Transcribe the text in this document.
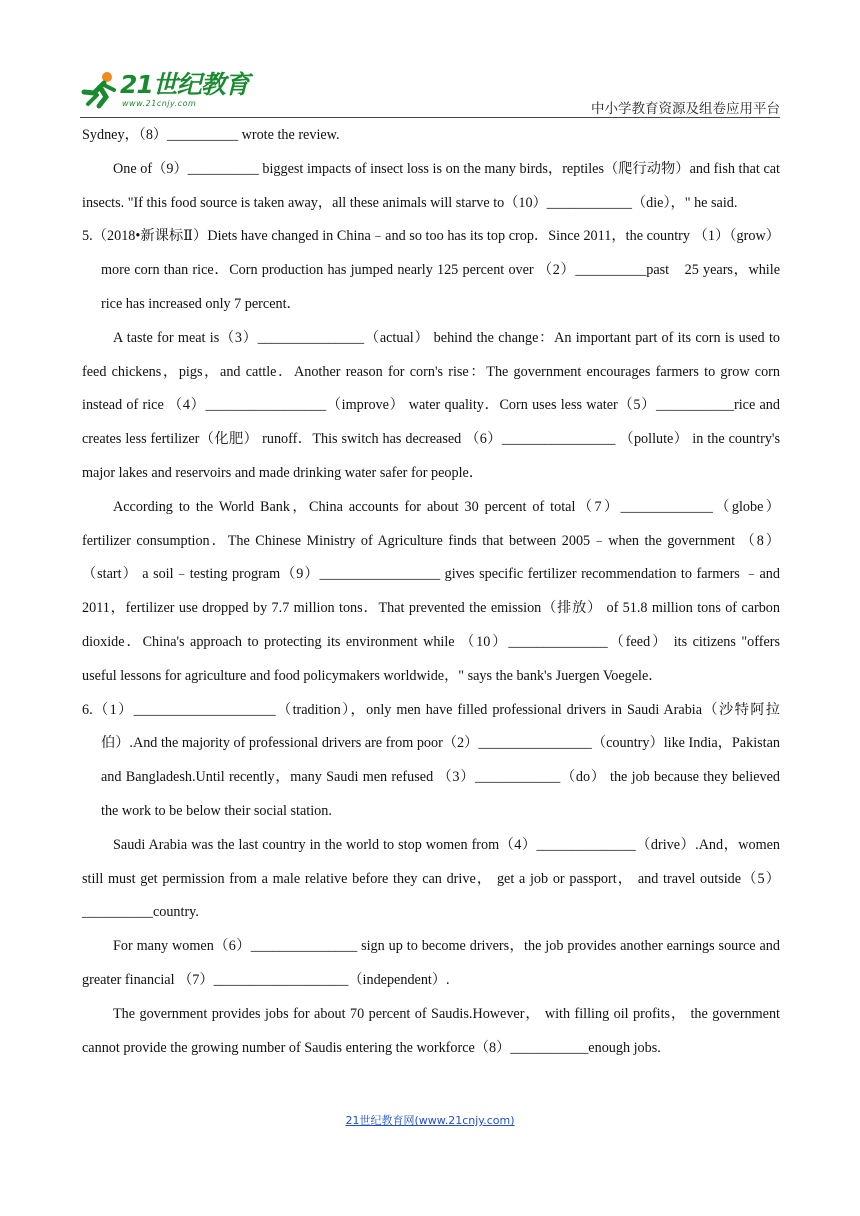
21世纪教育
www.21cnjy.com	中小学教育资源及组卷应用平台

Sydney，（8）__________ wrote the review.

One of（9）__________ biggest impacts of insect loss is on the many birds，reptiles（爬行动物）and fish that cat insects. "If this food source is taken away，all these animals will starve to（10）____________（die），" he said.

5.（2018•新课标Ⅱ）Diets have changed in China﹣and so too has its top crop．Since 2011，the country （1）（grow）more corn than rice．Corn production has jumped nearly 125 percent over （2）__________past　25 years，while rice has increased only 7 percent．

A taste for meat is（3）_______________（actual） behind the change：An important part of its corn is used to feed chickens，pigs，and cattle．Another reason for corn's rise：The government encourages farmers to grow corn instead of rice （4）_________________（improve） water quality．Corn uses less water（5）___________rice and creates less fertilizer（化肥） runoff．This switch has decreased （6）________________ （pollute） in the country's major lakes and reservoirs and made drinking water safer for people．

According to the World Bank，China accounts for about 30 percent of total（7）_____________（globe） fertilizer consumption．The Chinese Ministry of Agriculture finds that between 2005﹣when the government （8）（start） a soil﹣testing program（9）_________________ gives specific fertilizer recommendation to farmers ﹣and 2011，fertilizer use dropped by 7.7 million tons．That prevented the emission（排放） of 51.8 million tons of carbon dioxide．China's approach to protecting its environment while （10）______________（feed） its citizens "offers useful lessons for agriculture and food policymakers worldwide，" says the bank's Juergen Voegele．

6.（1）____________________（tradition），only men have filled professional drivers in Saudi Arabia（沙特阿拉伯）.And the majority of professional drivers are from poor（2）________________（country）like India，Pakistan and Bangladesh.Until recently，many Saudi men refused （3）____________（do） the job because they believed the work to be below their social station.

Saudi Arabia was the last country in the world to stop women from（4）______________（drive）.And，women still must get permission from a male relative before they can drive， get a job or passport， and travel outside（5）__________country.

For many women（6）_______________ sign up to become drivers，the job provides another earnings source and greater financial （7）___________________（independent）.

The government provides jobs for about 70 percent of Saudis.However， with filling oil profits， the government cannot provide the growing number of Saudis entering the workforce（8）___________enough jobs.

21世纪教育网(www.21cnjy.com)
